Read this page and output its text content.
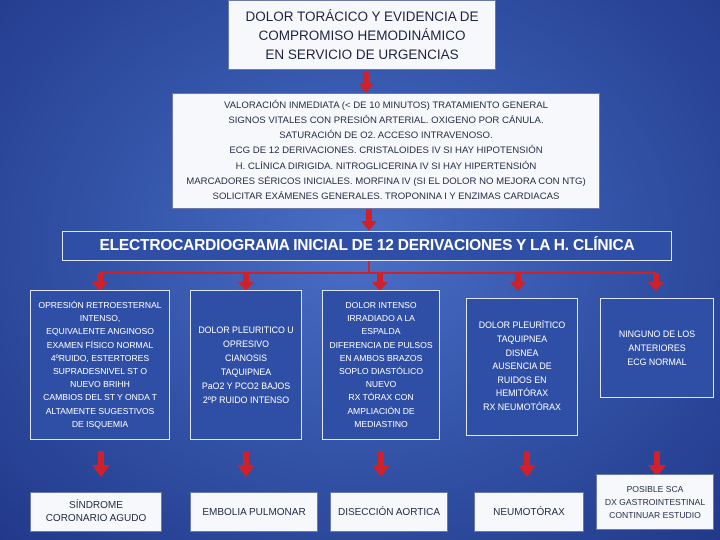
DOLOR TORÁCICO Y EVIDENCIA DE
COMPROMISO HEMODINÁMICO
EN SERVICIO DE URGENCIAS
VALORACIÓN INMEDIATA (< DE 10 MINUTOS) TRATAMIENTO GENERAL
SIGNOS VITALES CON PRESIÓN ARTERIAL. OXIGENO POR CÁNULA.
SATURACIÓN DE O2. ACCESO INTRAVENOSO.
ECG DE 12 DERIVACIONES. CRISTALOIDES IV SI HAY HIPOTENSIÓN
H. CLÍNICA DIRIGIDA. NITROGLICERINA IV SI HAY HIPERTENSIÓN
MARCADORES SÉRICOS INICIALES. MORFINA IV (SI EL DOLOR NO MEJORA CON NTG)
SOLICITAR EXÁMENES GENERALES. TROPONINA I Y ENZIMAS CARDIACAS
ELECTROCARDIOGRAMA INICIAL DE 12 DERIVACIONES Y LA H. CLÍNICA
OPRESIÓN RETROESTERNAL
INTENSO,
EQUIVALENTE ANGINOSO
EXAMEN FÍSICO NORMAL
4ºRUIDO, ESTERTORES
SUPRADESNIVEL ST O
NUEVO BRIHH
CAMBIOS DEL ST Y ONDA T
ALTAMENTE SUGESTIVOS
DE ISQUEMIA
DOLOR PLEURITICO U
OPRESIVO
CIANOSIS
TAQUIPNEA
PaO2 Y PCO2 BAJOS
2ºP RUIDO INTENSO
DOLOR INTENSO
IRRADIADO A LA
ESPALDA
DIFERENCIA DE PULSOS
EN AMBOS BRAZOS
SOPLO DIASTÓLICO
NUEVO
RX TÓRAX CON
AMPLIACIÓN DE
MEDIASTINO
DOLOR PLEURÍTICO
TAQUIPNEA
DISNEA
AUSENCIA DE
RUIDOS EN
HEMITÓRAX
RX NEUMOTÓRAX
NINGUNO DE LOS
ANTERIORES
ECG NORMAL
SÍNDROME
CORONARIO AGUDO
EMBOLIA PULMONAR	DISECCIÓN AORTICA	NEUMOTÓRAX
POSIBLE SCA
DX GASTROINTESTINAL
CONTINUAR ESTUDIO
